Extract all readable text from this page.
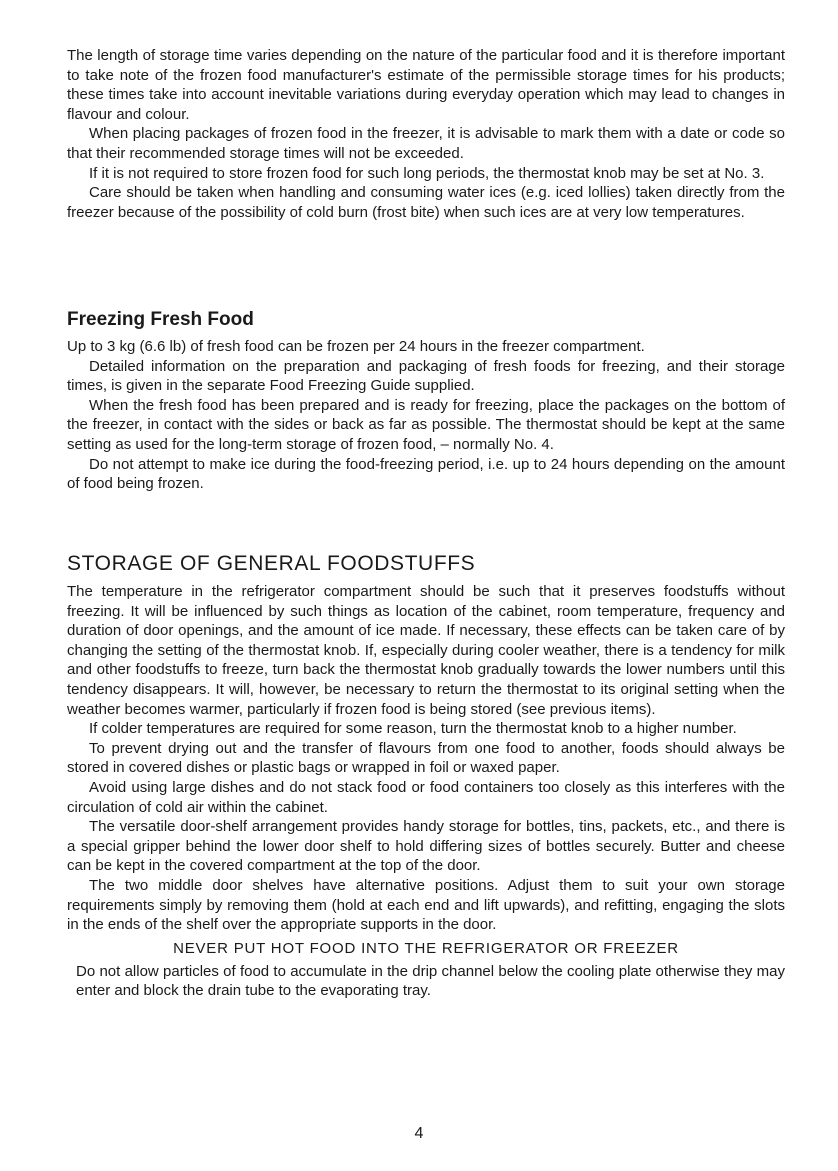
The length of storage time varies depending on the nature of the particular food and it is therefore important to take note of the frozen food manufacturer's estimate of the permissible storage times for his products; these times take into account inevitable variations during everyday operation which may lead to changes in flavour and colour.

When placing packages of frozen food in the freezer, it is advisable to mark them with a date or code so that their recommended storage times will not be exceeded.

If it is not required to store frozen food for such long periods, the thermostat knob may be set at No. 3.

Care should be taken when handling and consuming water ices (e.g. iced lollies) taken directly from the freezer because of the possibility of cold burn (frost bite) when such ices are at very low temperatures.

Freezing Fresh Food

Up to 3 kg (6.6 lb) of fresh food can be frozen per 24 hours in the freezer compartment.

Detailed information on the preparation and packaging of fresh foods for freezing, and their storage times, is given in the separate Food Freezing Guide supplied.

When the fresh food has been prepared and is ready for freezing, place the packages on the bottom of the freezer, in contact with the sides or back as far as possible. The thermostat should be kept at the same setting as used for the long-term storage of frozen food, – normally No. 4.

Do not attempt to make ice during the food-freezing period, i.e. up to 24 hours depending on the amount of food being frozen.

STORAGE OF GENERAL FOODSTUFFS

The temperature in the refrigerator compartment should be such that it preserves foodstuffs without freezing. It will be influenced by such things as location of the cabinet, room temperature, frequency and duration of door openings, and the amount of ice made. If necessary, these effects can be taken care of by changing the setting of the thermostat knob. If, especially during cooler weather, there is a tendency for milk and other foodstuffs to freeze, turn back the thermostat knob gradually towards the lower numbers until this tendency disappears. It will, however, be necessary to return the thermostat to its original setting when the weather becomes warmer, particularly if frozen food is being stored (see previous items).

If colder temperatures are required for some reason, turn the thermostat knob to a higher number.

To prevent drying out and the transfer of flavours from one food to another, foods should always be stored in covered dishes or plastic bags or wrapped in foil or waxed paper.

Avoid using large dishes and do not stack food or food containers too closely as this interferes with the circulation of cold air within the cabinet.

The versatile door-shelf arrangement provides handy storage for bottles, tins, packets, etc., and there is a special gripper behind the lower door shelf to hold differing sizes of bottles securely. Butter and cheese can be kept in the covered compartment at the top of the door.

The two middle door shelves have alternative positions. Adjust them to suit your own storage requirements simply by removing them (hold at each end and lift upwards), and refitting, engaging the slots in the ends of the shelf over the appropriate supports in the door.

NEVER PUT HOT FOOD INTO THE REFRIGERATOR OR FREEZER

Do not allow particles of food to accumulate in the drip channel below the cooling plate otherwise they may enter and block the drain tube to the evaporating tray.

4
